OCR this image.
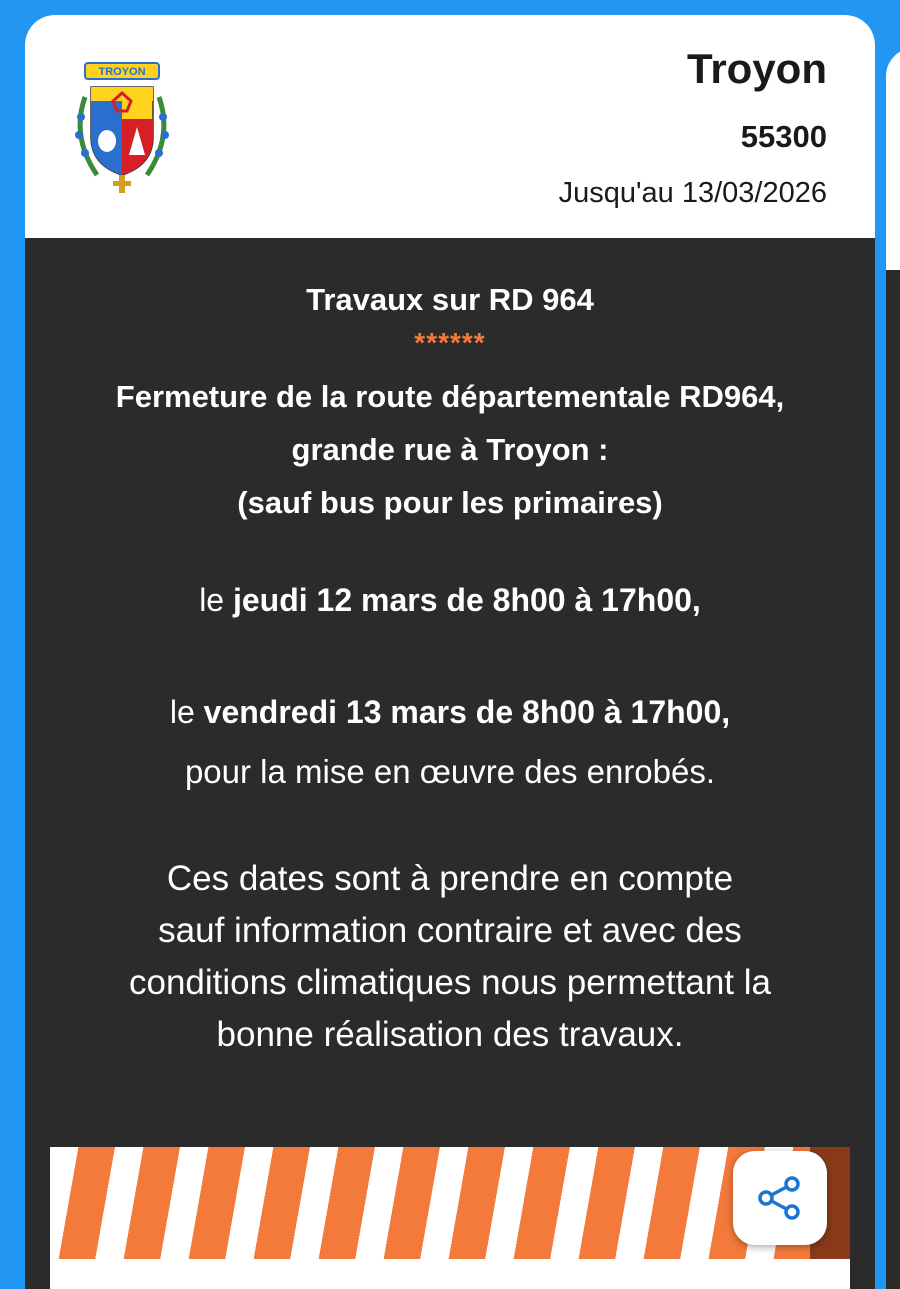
TROYON	Troyon
55300
Jusqu'au 13/03/2026
Travaux sur RD 964
******
Fermeture de la route départementale RD964,
grande rue à Troyon :
(sauf bus pour les primaires)
le jeudi 12 mars de 8h00 à 17h00,
le vendredi 13 mars de 8h00 à 17h00,
pour la mise en œuvre des enrobés.
Ces dates sont à prendre en compte
sauf information contraire et avec des
conditions climatiques nous permettant la
bonne réalisation des travaux.
